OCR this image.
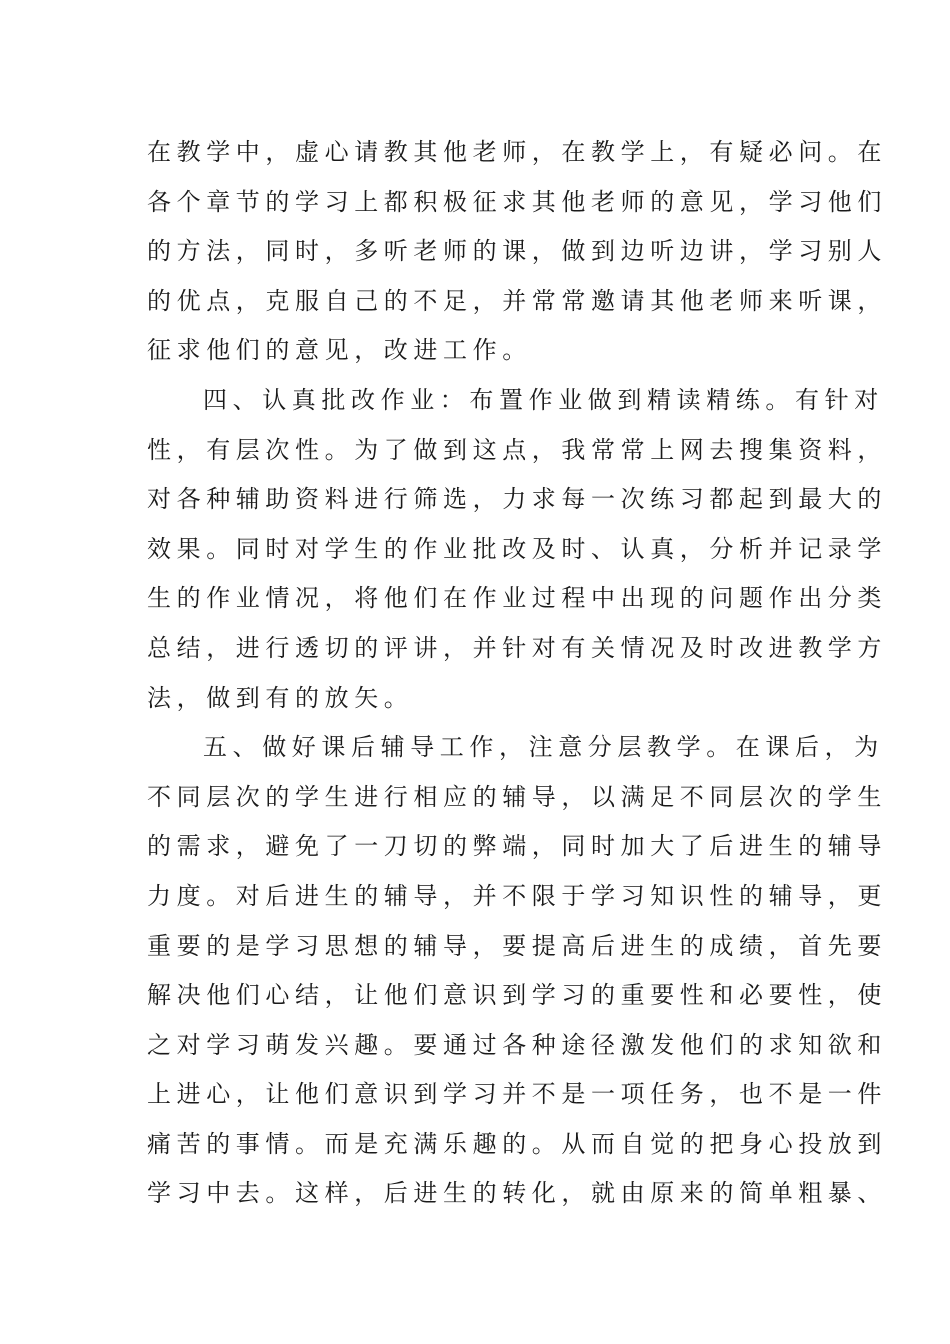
在教学中，虚心请教其他老师，在教学上，有疑必问。在
各个章节的学习上都积极征求其他老师的意见，学习他们
的方法，同时，多听老师的课，做到边听边讲，学习别人
的优点，克服自己的不足，并常常邀请其他老师来听课，
征求他们的意见，改进工作。
四、认真批改作业：布置作业做到精读精练。有针对
性，有层次性。为了做到这点，我常常上网去搜集资料，
对各种辅助资料进行筛选，力求每一次练习都起到最大的
效果。同时对学生的作业批改及时、认真，分析并记录学
生的作业情况，将他们在作业过程中出现的问题作出分类
总结，进行透切的评讲，并针对有关情况及时改进教学方
法，做到有的放矢。
五、做好课后辅导工作，注意分层教学。在课后，为
不同层次的学生进行相应的辅导，以满足不同层次的学生
的需求，避免了一刀切的弊端，同时加大了后进生的辅导
力度。对后进生的辅导，并不限于学习知识性的辅导，更
重要的是学习思想的辅导，要提高后进生的成绩，首先要
解决他们心结，让他们意识到学习的重要性和必要性，使
之对学习萌发兴趣。要通过各种途径激发他们的求知欲和
上进心，让他们意识到学习并不是一项任务，也不是一件
痛苦的事情。而是充满乐趣的。从而自觉的把身心投放到
学习中去。这样，后进生的转化，就由原来的简单粗暴、
